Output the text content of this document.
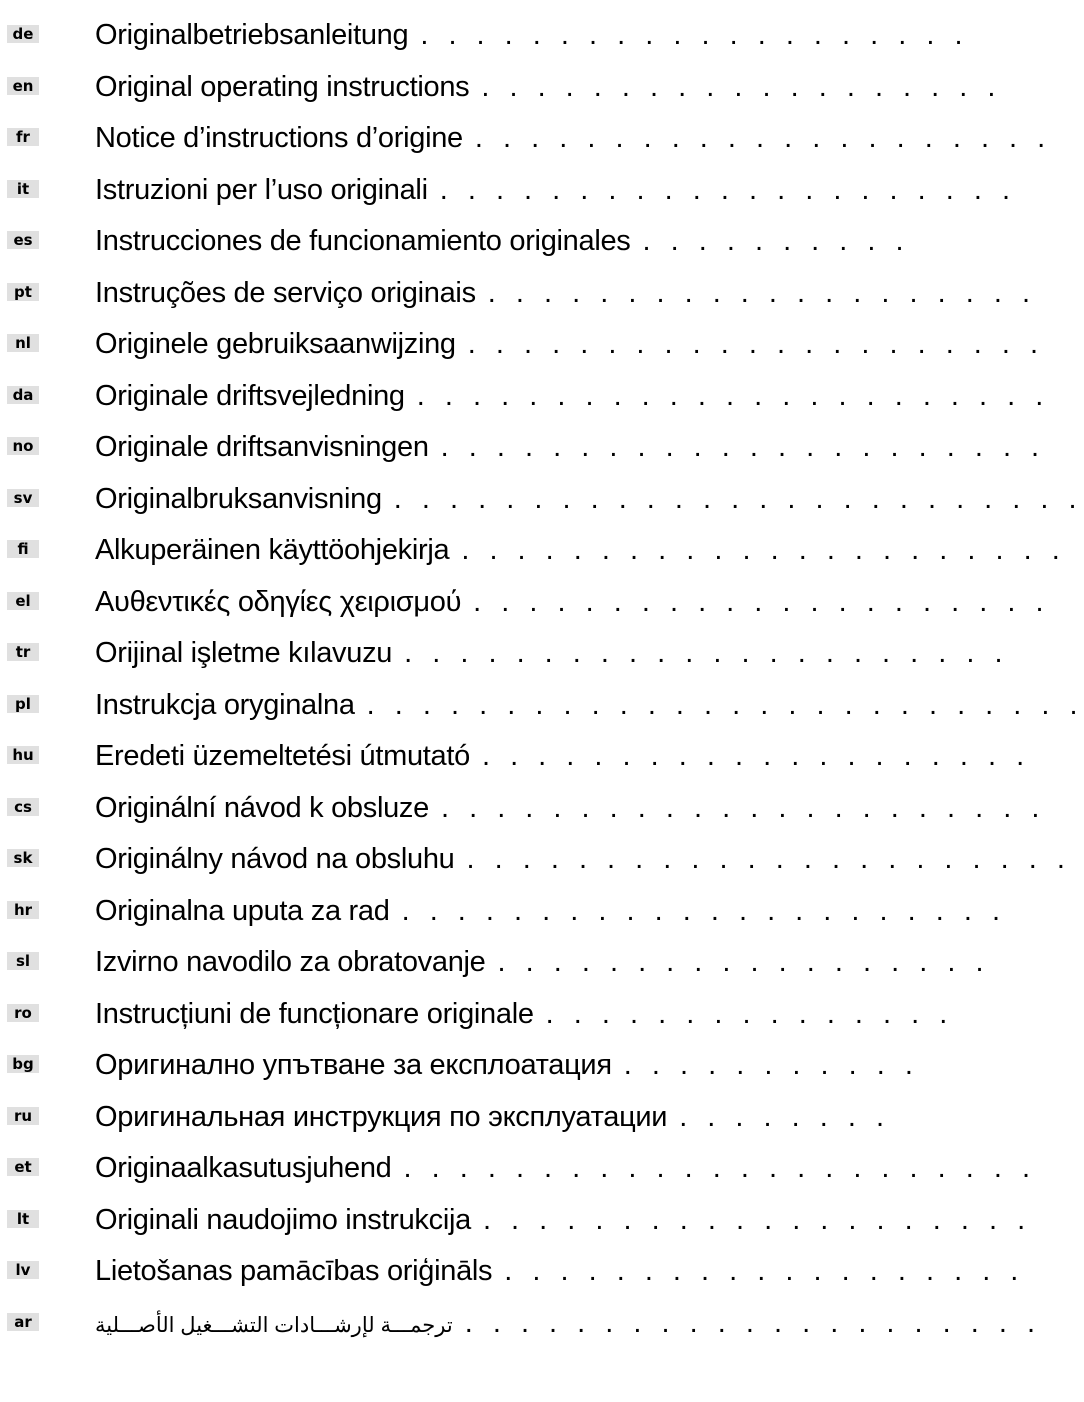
de Originalbetriebsanleitung . . . . . . . . . . . . . . . . . . . .
en Original operating instructions . . . . . . . . . . . . . . . . . . .
fr	Notice d’instructions d’origine . . . . . . . . . . . . . . . . . . . . .
it	Istruzioni per l’uso originali . . . . . . . . . . . . . . . . . . . . .
es Instrucciones de funcionamiento originales . . . . . . . . . .
pt Instruções de serviço originais . . . . . . . . . . . . . . . . . . . .
nl Originele gebruiksaanwijzing . . . . . . . . . . . . . . . . . . . . .
da Originale driftsvejledning . . . . . . . . . . . . . . . . . . . . . . .
no Originale driftsanvisningen . . . . . . . . . . . . . . . . . . . . . .
sv Originalbruksanvisning . . . . . . . . . . . . . . . . . . . . . . . . .
fi	Alkuperäinen käyttöohjekirja . . . . . . . . . . . . . . . . . . . . . .
el Αυθεντικές οδηγίες χειρισμού . . . . . . . . . . . . . . . . . . . . .
tr	Orijinal işletme kılavuzu . . . . . . . . . . . . . . . . . . . . . .
pl Instrukcja oryginalna . . . . . . . . . . . . . . . . . . . . . . . . . .
hu Eredeti üzemeltetési útmutató . . . . . . . . . . . . . . . . . . . .
cs Originální návod k obsluze . . . . . . . . . . . . . . . . . . . . . .
sk Originálny návod na obsluhu . . . . . . . . . . . . . . . . . . . . . .
hr Originalna uputa za rad . . . . . . . . . . . . . . . . . . . . . .
sl	Izvirno navodilo za obratovanje . . . . . . . . . . . . . . . . . .
ro Instrucțiuni de funcționare originale . . . . . . . . . . . . . . .
bg Оригинално упътване за експлоатация . . . . . . . . . . .
ru Оригинальная инструкция по эксплуатации . . . . . . . .
et Originaalkasutusjuhend . . . . . . . . . . . . . . . . . . . . . . .
lt	Originali naudojimo instrukcija . . . . . . . . . . . . . . . . . . . .
lv Lietošanas pamācības oriģināls . . . . . . . . . . . . . . . . . . .
ar	ترجمـــة لإرشـــادات التشـــغيل الأصـــلية . . . . . . . . . . . . . . . . . . . . .
